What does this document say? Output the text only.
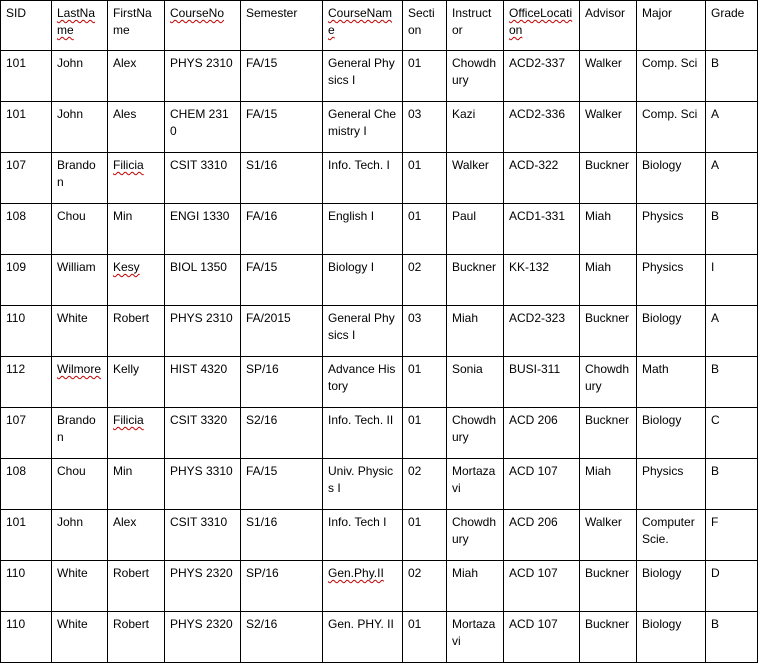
SID	LastName	FirstName	CourseNo	Semester	CourseName	Section	Instructor	OfficeLocation	Advisor	Major	Grade
101	John	Alex	PHYS 2310	FA/15	General Physics I	01	Chowdhury	ACD2-337	Walker	Comp. Sci	B
101	John	Ales	CHEM 2310	FA/15	General Chemistry I	03	Kazi	ACD2-336	Walker	Comp. Sci	A
107	Brandon	Filicia	CSIT 3310	S1/16	Info. Tech. I	01	Walker	ACD-322	Buckner	Biology	A
108	Chou	Min	ENGI 1330	FA/16	English I	01	Paul	ACD1-331	Miah	Physics	B
109	William	Kesy	BIOL 1350	FA/15	Biology I	02	Buckner	KK-132	Miah	Physics	I
110	White	Robert	PHYS 2310	FA/2015	General Physics I	03	Miah	ACD2-323	Buckner	Biology	A
112	Wilmore	Kelly	HIST 4320	SP/16	Advance History	01	Sonia	BUSI-311	Chowdhury	Math	B
107	Brandon	Filicia	CSIT 3320	S2/16	Info. Tech. II	01	Chowdhury	ACD 206	Buckner	Biology	C
108	Chou	Min	PHYS 3310	FA/15	Univ. Physics I	02	Mortazavi	ACD 107	Miah	Physics	B
101	John	Alex	CSIT 3310	S1/16	Info. Tech I	01	Chowdhury	ACD 206	Walker	Computer Scie.	F
110	White	Robert	PHYS 2320	SP/16	Gen.Phy.II	02	Miah	ACD 107	Buckner	Biology	D
110	White	Robert	PHYS 2320	S2/16	Gen. PHY. II	01	Mortazavi	ACD 107	Buckner	Biology	B
